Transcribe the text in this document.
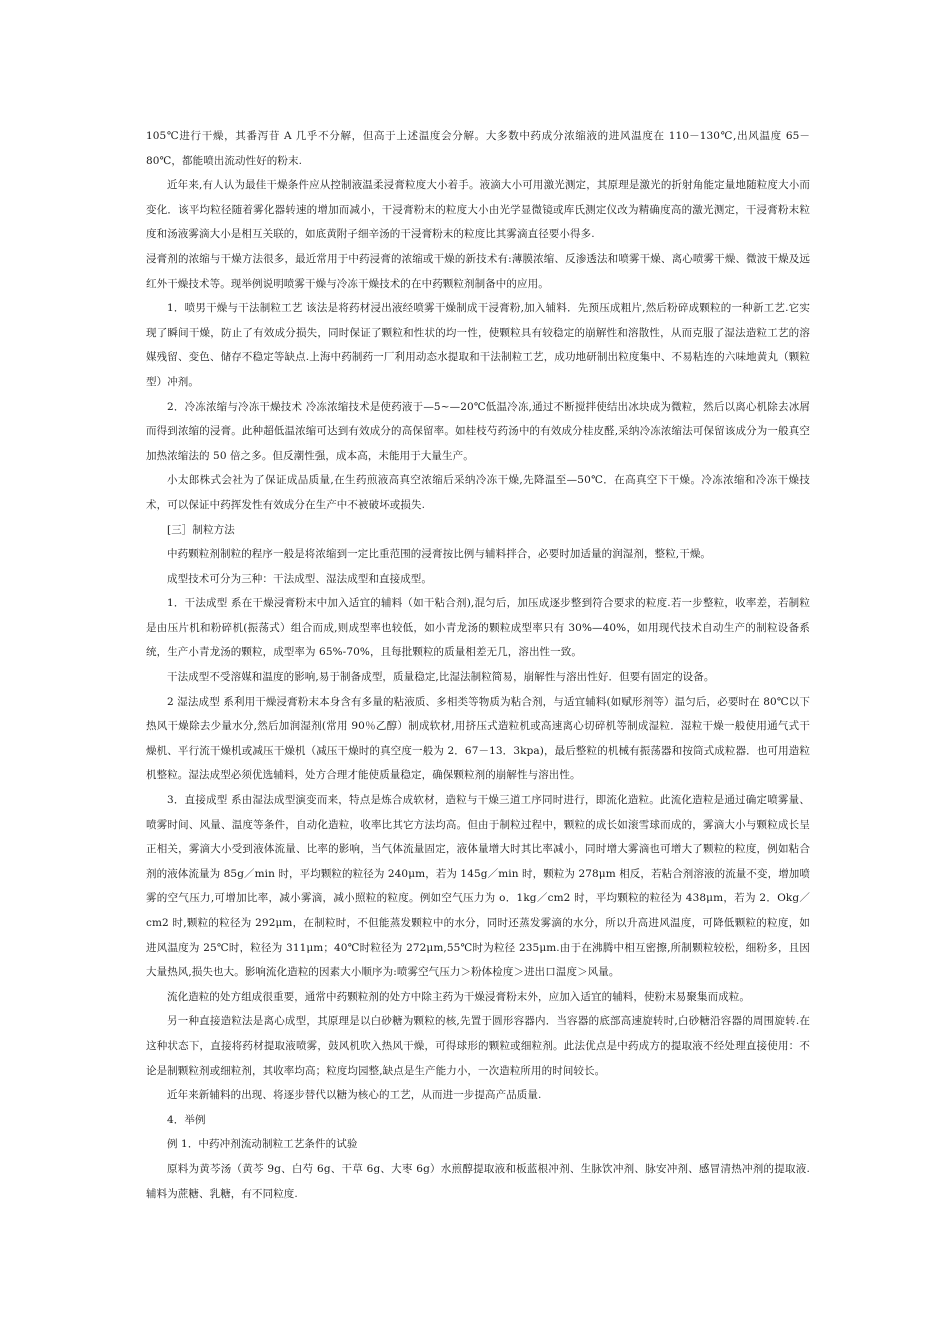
105℃进行干燥，其番泻苷 A 几乎不分解，但高于上述温度会分解。大多数中药成分浓缩液的进风温度在 110－130℃,出风温度 65－80℃，都能喷出流动性好的粉末.

近年来,有人认为最佳干燥条件应从控制液温柔浸膏粒度大小着手。液滴大小可用激光测定，其原理是激光的折射角能定量地随粒度大小而变化．该平均粒径随着雾化器转速的增加而减小，干浸膏粉末的粒度大小由光学显微镜或库氏测定仪改为精确度高的激光测定，干浸膏粉末粒度和汤液雾滴大小是相互关联的，如底黄附子细辛汤的干浸膏粉末的粒度比其雾滴直径要小得多.

浸膏剂的浓缩与干燥方法很多，最近常用于中药浸膏的浓缩或干燥的新技术有:薄膜浓缩、反渗透法和喷雾干燥、离心喷雾干燥、微波干燥及远红外干燥技术等。现举例说明喷雾干燥与冷冻干燥技术的在中药颗粒剂制备中的应用。

1．喷男干燥与干法制粒工艺 该法是将药材浸出液经喷雾干燥制成干浸膏粉,加入辅料．先预压成粗片,然后粉碎成颗粒的一种新工艺.它实现了瞬间干燥，防止了有效成分损失，同时保证了颗粒和性状的均一性，使颗粒具有较稳定的崩解性和溶散性，从而克服了湿法造粒工艺的溶媒残留、变色、储存不稳定等缺点.上海中药制药一厂利用动态水提取和干法制粒工艺，成功地研制出粒度集中、不易粘连的六味地黄丸（颗粒型）冲剂。

2．冷冻浓缩与冷冻干燥技术 冷冻浓缩技术是使药液于—5~—20℃低温冷冻,通过不断搅拌使结出冰块成为微粒，然后以离心机除去冰屑而得到浓缩的浸膏。此种超低温浓缩可达到有效成分的高保留率。如桂枝芍药汤中的有效成分桂皮醛,采纳冷冻浓缩法可保留该成分为一般真空加热浓缩法的 50 倍之多。但反潮性强，成本高，未能用于大量生产。

小太郎株式会社为了保证成品质量,在生药煎液高真空浓缩后采纳冷冻干燥,先降温至—50℃．在高真空下干燥。冷冻浓缩和冷冻干燥技术，可以保证中药挥发性有效成分在生产中不被破坏或损失.

[三］制粒方法

中药颗粒剂制粒的程序一般是将浓缩到一定比重范围的浸膏按比例与辅料拌合，必要时加适量的润湿剂，整粒,干燥。

成型技术可分为三种：干法成型、湿法成型和直接成型。

1．干法成型 系在干燥浸膏粉末中加入适宜的辅料（如干粘合剂),混匀后，加压成逐步整到符合要求的粒度.若一步整粒，收率差，若制粒是由压片机和粉碎机(振荡式）组合而成,则成型率也较低，如小青龙汤的颗粒成型率只有 30%—40%，如用现代技术自动生产的制粒设备系统，生产小青龙汤的颗粒，成型率为 65%-70%，且每批颗粒的质量相差无几，溶出性一致。

干法成型不受溶媒和温度的影响,易于制备成型，质量稳定,比湿法制粒简易，崩解性与溶出性好．但要有固定的设备。

2 湿法成型 系利用干燥浸膏粉末本身含有多量的粘液质、多相类等物质为粘合剂，与适宜辅料(如赋形剂等）温匀后，必要时在 80℃以下热风干燥除去少量水分,然后加润湿剂(常用 90％乙醇）制成软材,用挤压式造粒机或高速离心切碎机等制成湿粒．湿粒干燥一般使用通气式干燥机、平行流干燥机或减压干燥机（减压干燥时的真空度一般为 2．67－13．3kpa)，最后整粒的机械有振荡器和按筒式成粒器．也可用造粒机整粒。湿法成型必须优选辅料，处方合理才能使质量稳定，确保颗粒剂的崩解性与溶出性。

3．直接成型 系由湿法成型演变而来，特点是炼合成软材，造粒与干燥三道工序同时进行，即流化造粒。此流化造粒是通过确定喷雾量、喷雾时间、风量、温度等条件，自动化造粒，收率比其它方法均高。但由于制粒过程中，颗粒的成长如滚雪球而成的，雾滴大小与颗粒成长呈正相关，雾滴大小受到液体流量、比率的影响，当气体流量固定，液体量增大时其比率减小，同时增大雾滴也可增大了颗粒的粒度，例如粘合剂的液体流量为 85g／min 时，平均颗粒的粒径为 240μm，若为 145g／min 时，颗粒为 278μm 相反，若粘合剂溶液的流量不变，增加喷雾的空气压力,可增加比率，减小雾滴，减小照粒的粒度。例如空气压力为 o．1kg／cm2 时，平均颗粒的粒径为 438μm，若为 2．Okg／cm2 时,颗粒的粒径为 292μm，在制粒时，不但能蒸发颗粒中的水分，同时还蒸发雾滴的水分，所以升高进风温度，可降低颗粒的粒度，如进风温度为 25℃时，粒径为 311μm；40℃时粒径为 272μm,55℃时为粒径 235μm.由于在沸腾中相互密擦,所制颗粒较松，细粉多，且因大量热风,损失也大。影响流化造粒的因素大小顺序为:喷雾空气压力＞粉体检度＞进出口温度＞风量。

流化造粒的处方组成很重要，通常中药颗粒剂的处方中除主药为干燥浸膏粉末外，应加入适宜的辅料，使粉末易聚集而成粒。

另一种直接造粒法是离心成型，其原理是以白砂糖为颗粒的核,先置于圆形容器内．当容器的底部高速旋转时,白砂糖沿容器的周围旋转.在这种状态下，直接将药材提取液喷雾，鼓风机吹入热风干燥，可得球形的颗粒或细粒剂。此法优点是中药成方的提取液不经处理直接使用：不论是制颗粒剂或细粒剂，其收率均高；粒度均园整,缺点是生产能力小，一次造粒所用的时间较长。

近年来新辅料的出现、将逐步替代以糖为核心的工艺，从而进一步提高产品质量.

4．举例

例 1．中药冲剂流动制粒工艺条件的试验

原料为黄芩汤（黄芩 9g、白芍 6g、干草 6g、大枣 6g）水煎醇提取液和板蓝根冲剂、生脉饮冲剂、脉安冲剂、感冒清热冲剂的提取液.辅料为蔗糖、乳糖，有不同粒度.
